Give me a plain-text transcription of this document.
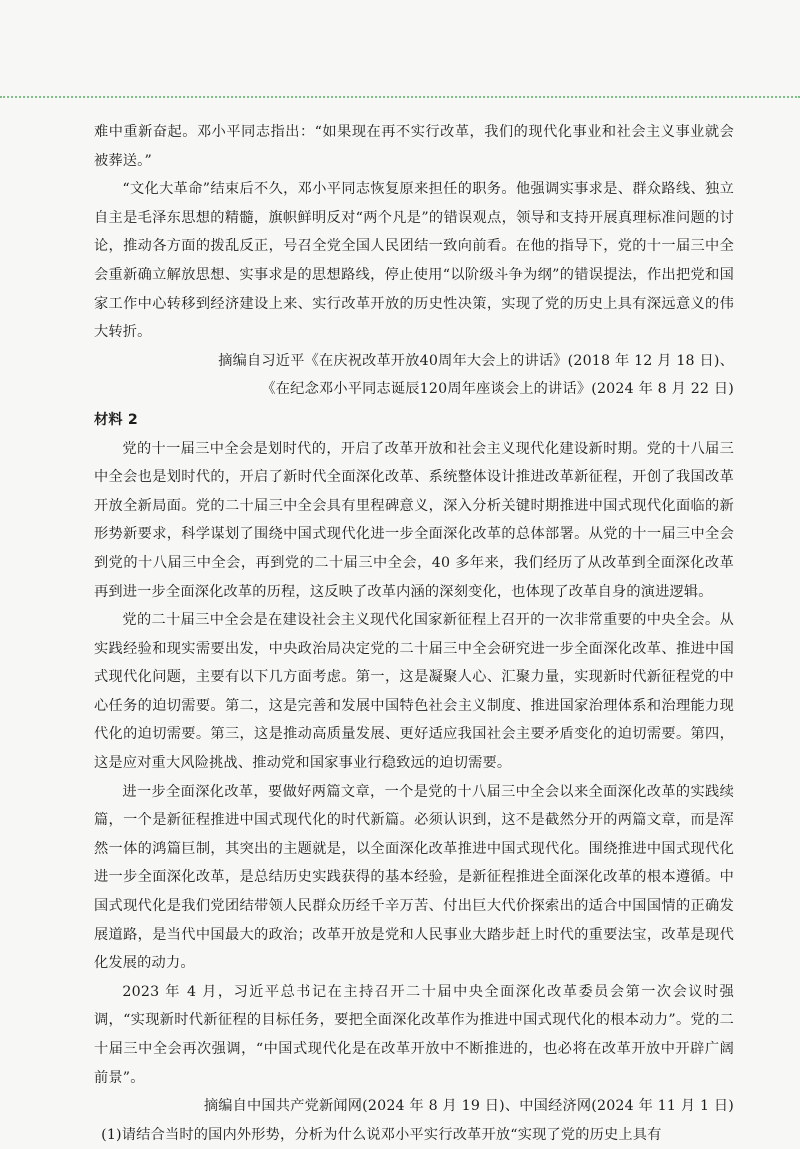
难中重新奋起。邓小平同志指出：“如果现在再不实行改革，我们的现代化事业和社会主义事业就会被葬送。”

“文化大革命”结束后不久，邓小平同志恢复原来担任的职务。他强调实事求是、群众路线、独立自主是毛泽东思想的精髓，旗帜鲜明反对“两个凡是”的错误观点，领导和支持开展真理标准问题的讨论，推动各方面的拨乱反正，号召全党全国人民团结一致向前看。在他的指导下，党的十一届三中全会重新确立解放思想、实事求是的思想路线，停止使用“以阶级斗争为纲”的错误提法，作出把党和国家工作中心转移到经济建设上来、实行改革开放的历史性决策，实现了党的历史上具有深远意义的伟大转折。

摘编自习近平《在庆祝改革开放40周年大会上的讲话》(2018 年 12 月 18 日)、

《在纪念邓小平同志诞辰120周年座谈会上的讲话》(2024 年 8 月 22 日)

材料 2

党的十一届三中全会是划时代的，开启了改革开放和社会主义现代化建设新时期。党的十八届三中全会也是划时代的，开启了新时代全面深化改革、系统整体设计推进改革新征程，开创了我国改革开放全新局面。党的二十届三中全会具有里程碑意义，深入分析关键时期推进中国式现代化面临的新形势新要求，科学谋划了围绕中国式现代化进一步全面深化改革的总体部署。从党的十一届三中全会到党的十八届三中全会，再到党的二十届三中全会，40 多年来，我们经历了从改革到全面深化改革再到进一步全面深化改革的历程，这反映了改革内涵的深刻变化，也体现了改革自身的演进逻辑。

党的二十届三中全会是在建设社会主义现代化国家新征程上召开的一次非常重要的中央全会。从实践经验和现实需要出发，中央政治局决定党的二十届三中全会研究进一步全面深化改革、推进中国式现代化问题，主要有以下几方面考虑。第一，这是凝聚人心、汇聚力量，实现新时代新征程党的中心任务的迫切需要。第二，这是完善和发展中国特色社会主义制度、推进国家治理体系和治理能力现代化的迫切需要。第三，这是推动高质量发展、更好适应我国社会主要矛盾变化的迫切需要。第四，这是应对重大风险挑战、推动党和国家事业行稳致远的迫切需要。

进一步全面深化改革，要做好两篇文章，一个是党的十八届三中全会以来全面深化改革的实践续篇，一个是新征程推进中国式现代化的时代新篇。必须认识到，这不是截然分开的两篇文章，而是浑然一体的鸿篇巨制，其突出的主题就是，以全面深化改革推进中国式现代化。围绕推进中国式现代化进一步全面深化改革，是总结历史实践获得的基本经验，是新征程推进全面深化改革的根本遵循。中国式现代化是我们党团结带领人民群众历经千辛万苦、付出巨大代价探索出的适合中国国情的正确发展道路，是当代中国最大的政治；改革开放是党和人民事业大踏步赶上时代的重要法宝，改革是现代化发展的动力。

2023 年 4 月，习近平总书记在主持召开二十届中央全面深化改革委员会第一次会议时强调，“实现新时代新征程的目标任务，要把全面深化改革作为推进中国式现代化的根本动力”。党的二十届三中全会再次强调，“中国式现代化是在改革开放中不断推进的，也必将在改革开放中开辟广阔前景”。

摘编自中国共产党新闻网(2024 年 8 月 19 日)、中国经济网(2024 年 11 月 1 日)

(1)请结合当时的国内外形势，分析为什么说邓小平实行改革开放“实现了党的历史上具有
